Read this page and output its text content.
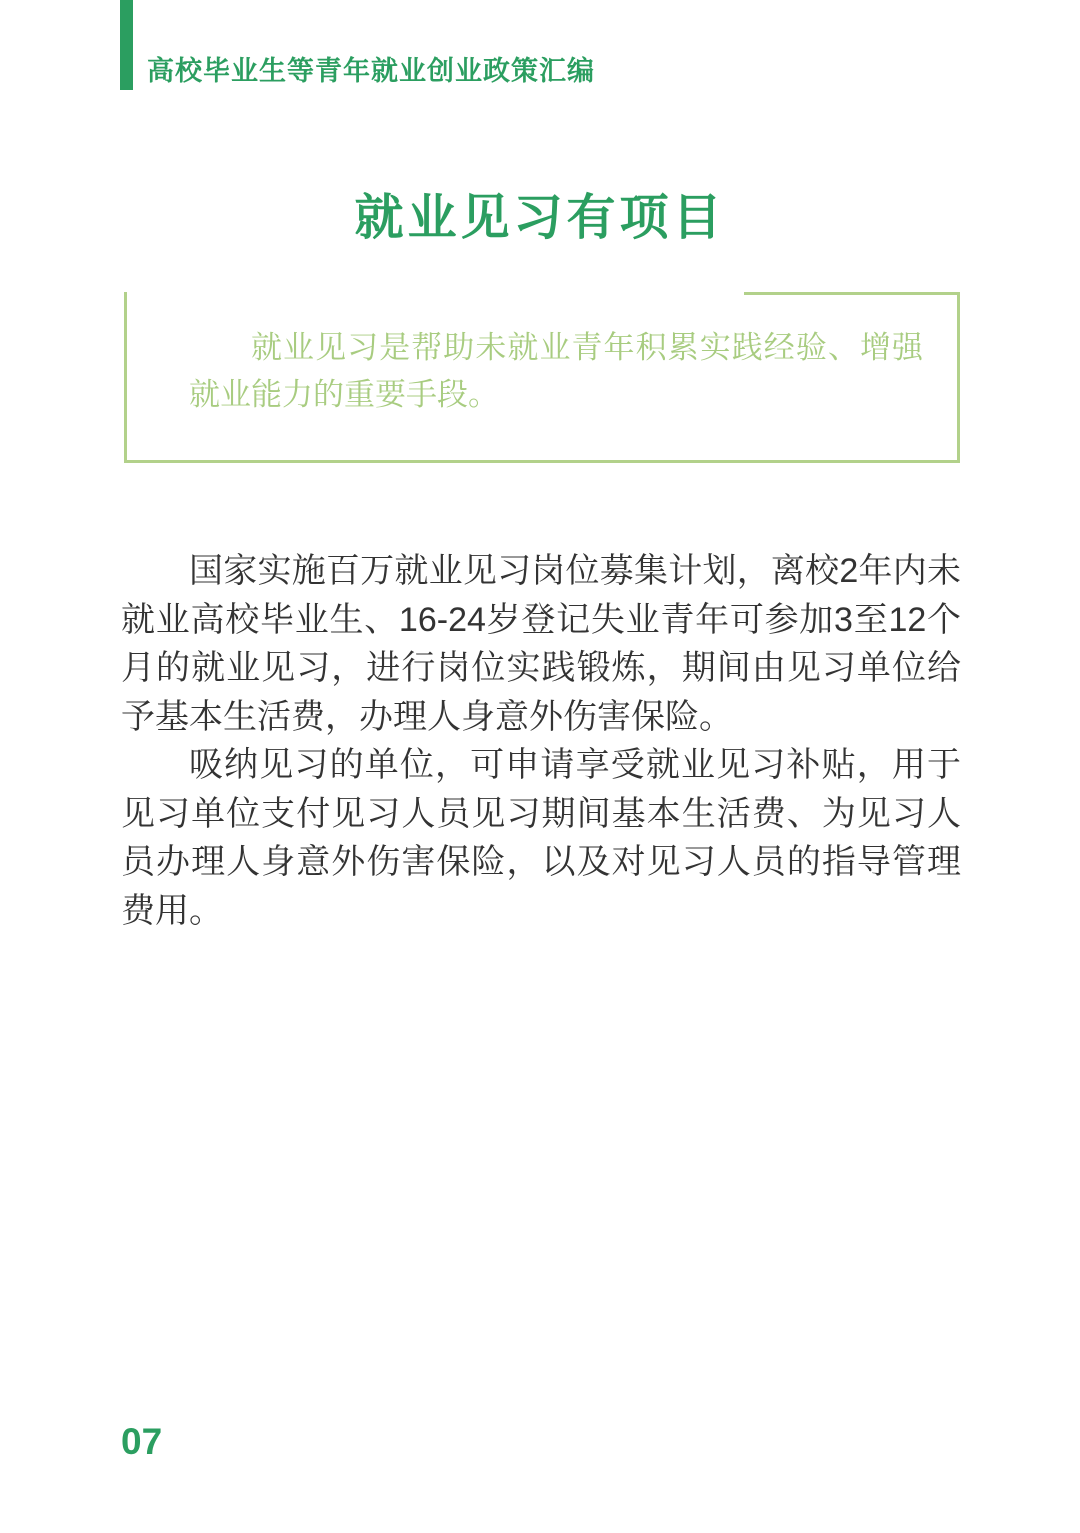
高校毕业生等青年就业创业政策汇编
就业见习有项目

就业见习是帮助未就业青年积累实践经验、增强就业能力的重要手段。

国家实施百万就业见习岗位募集计划，离校2年内未就业高校毕业生、16-24岁登记失业青年可参加3至12个月的就业见习，进行岗位实践锻炼，期间由见习单位给予基本生活费，办理人身意外伤害保险。

吸纳见习的单位，可申请享受就业见习补贴，用于见习单位支付见习人员见习期间基本生活费、为见习人员办理人身意外伤害保险，以及对见习人员的指导管理费用。

07
